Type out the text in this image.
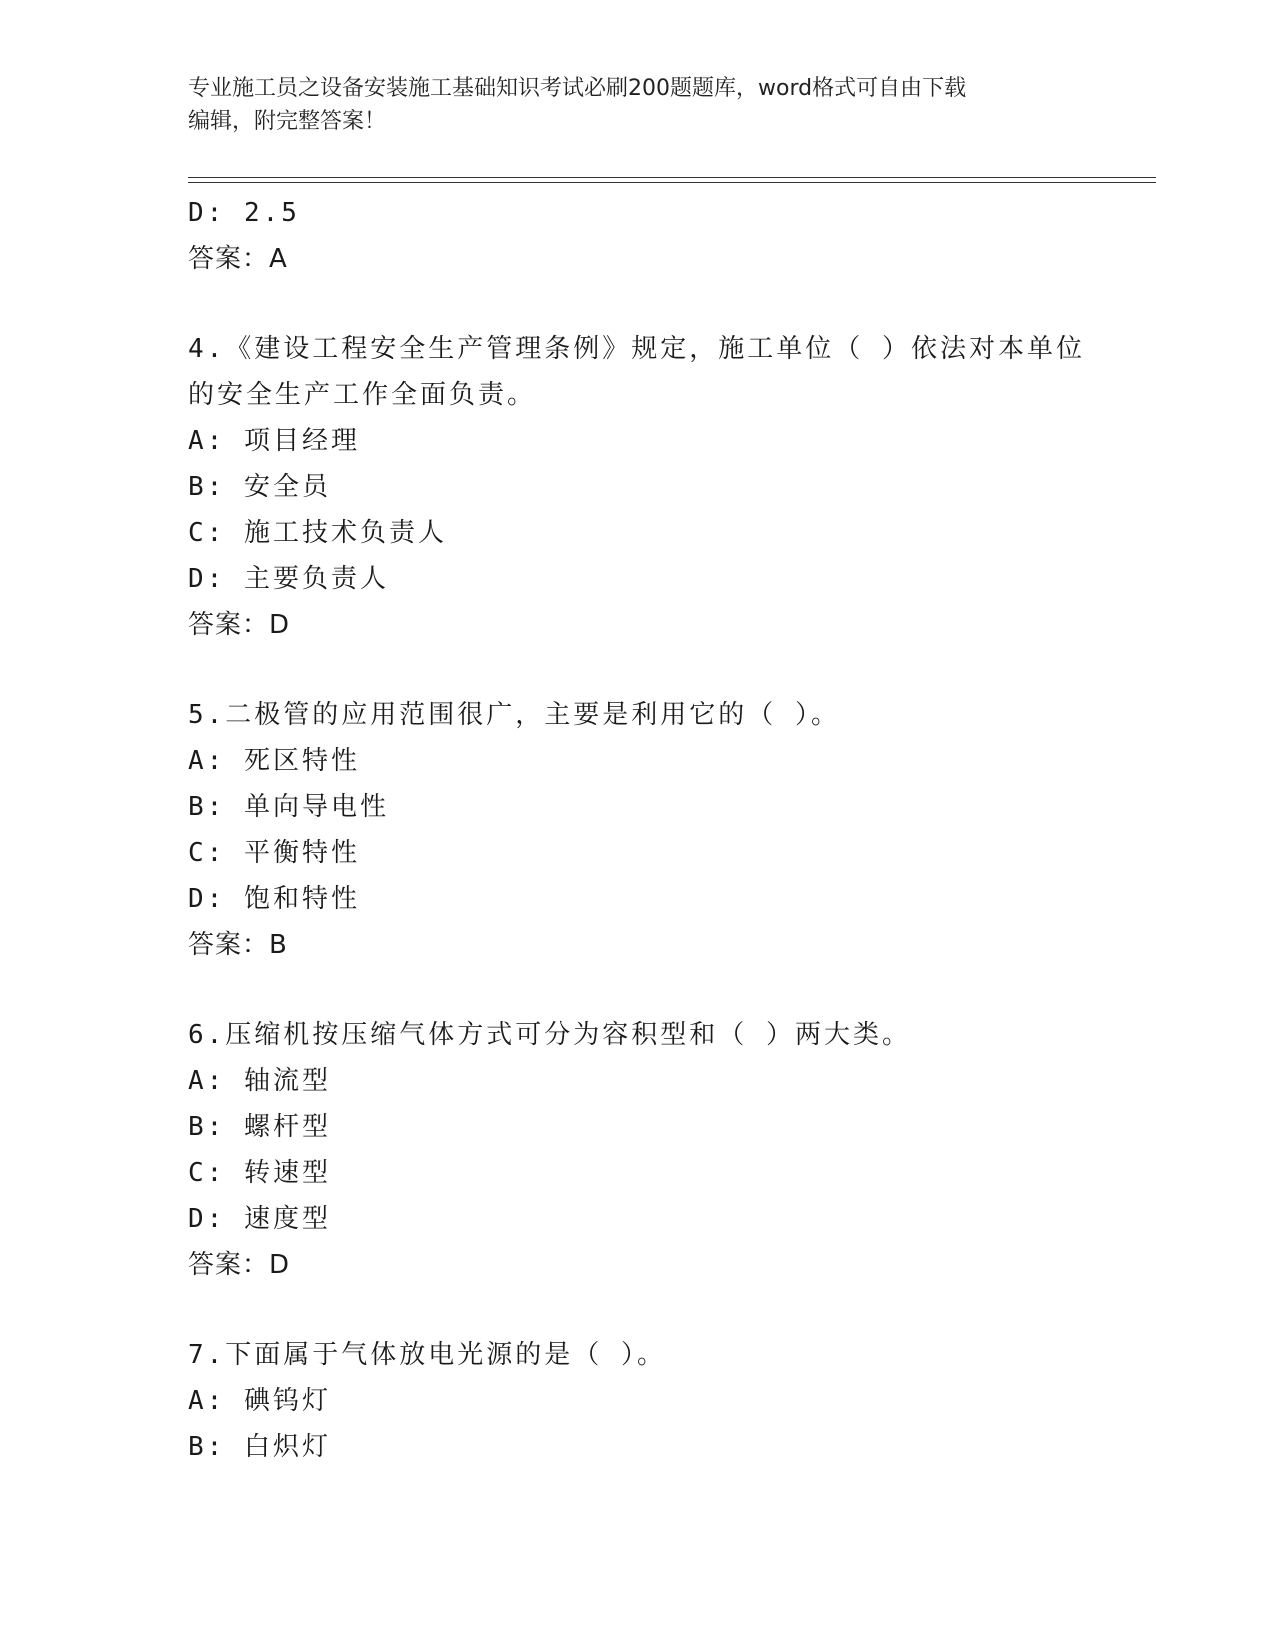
专业施工员之设备安装施工基础知识考试必刷200题题库，word格式可自由下载
编辑，附完整答案！
D: 2.5
答案：A
4.《建设工程安全生产管理条例》规定，施工单位（ ）依法对本单位
的安全生产工作全面负责。
A: 项目经理
B: 安全员
C: 施工技术负责人
D: 主要负责人
答案：D
5.二极管的应用范围很广，主要是利用它的（ ）。
A: 死区特性
B: 单向导电性
C: 平衡特性
D: 饱和特性
答案：B
6.压缩机按压缩气体方式可分为容积型和（ ）两大类。
A: 轴流型
B: 螺杆型
C: 转速型
D: 速度型
答案：D
7.下面属于气体放电光源的是（ ）。
A: 碘钨灯
B: 白炽灯
